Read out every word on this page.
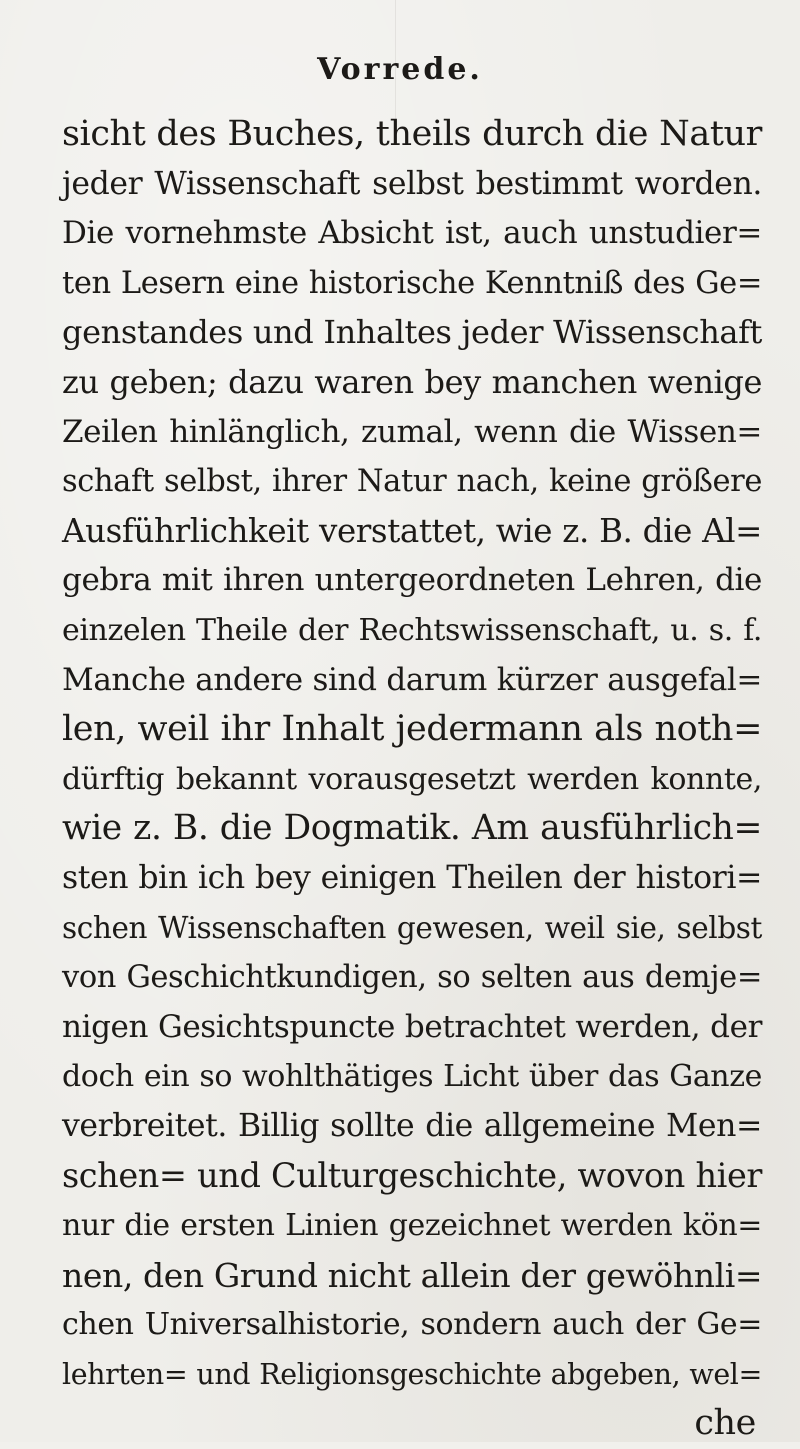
Vorrede.
sicht des Buches, theils durch die Natur
jeder Wissenschaft selbst bestimmt worden.
Die vornehmste Absicht ist, auch unstudier=
ten Lesern eine historische Kenntniß des Ge=
genstandes und Inhaltes jeder Wissenschaft
zu geben; dazu waren bey manchen wenige
Zeilen hinlänglich, zumal, wenn die Wissen=
schaft selbst, ihrer Natur nach, keine größere
Ausführlichkeit verstattet, wie z. B. die Al=
gebra mit ihren untergeordneten Lehren, die
einzelen Theile der Rechtswissenschaft, u. s. f.
Manche andere sind darum kürzer ausgefal=
len, weil ihr Inhalt jedermann als noth=
dürftig bekannt vorausgesetzt werden konnte,
wie z. B. die Dogmatik. Am ausführlich=
sten bin ich bey einigen Theilen der histori=
schen Wissenschaften gewesen, weil sie, selbst
von Geschichtkundigen, so selten aus demje=
nigen Gesichtspuncte betrachtet werden, der
doch ein so wohlthätiges Licht über das Ganze
verbreitet. Billig sollte die allgemeine Men=
schen= und Culturgeschichte, wovon hier
nur die ersten Linien gezeichnet werden kön=
nen, den Grund nicht allein der gewöhnli=
chen Universalhistorie, sondern auch der Ge=
lehrten= und Religionsgeschichte abgeben, wel=
che
